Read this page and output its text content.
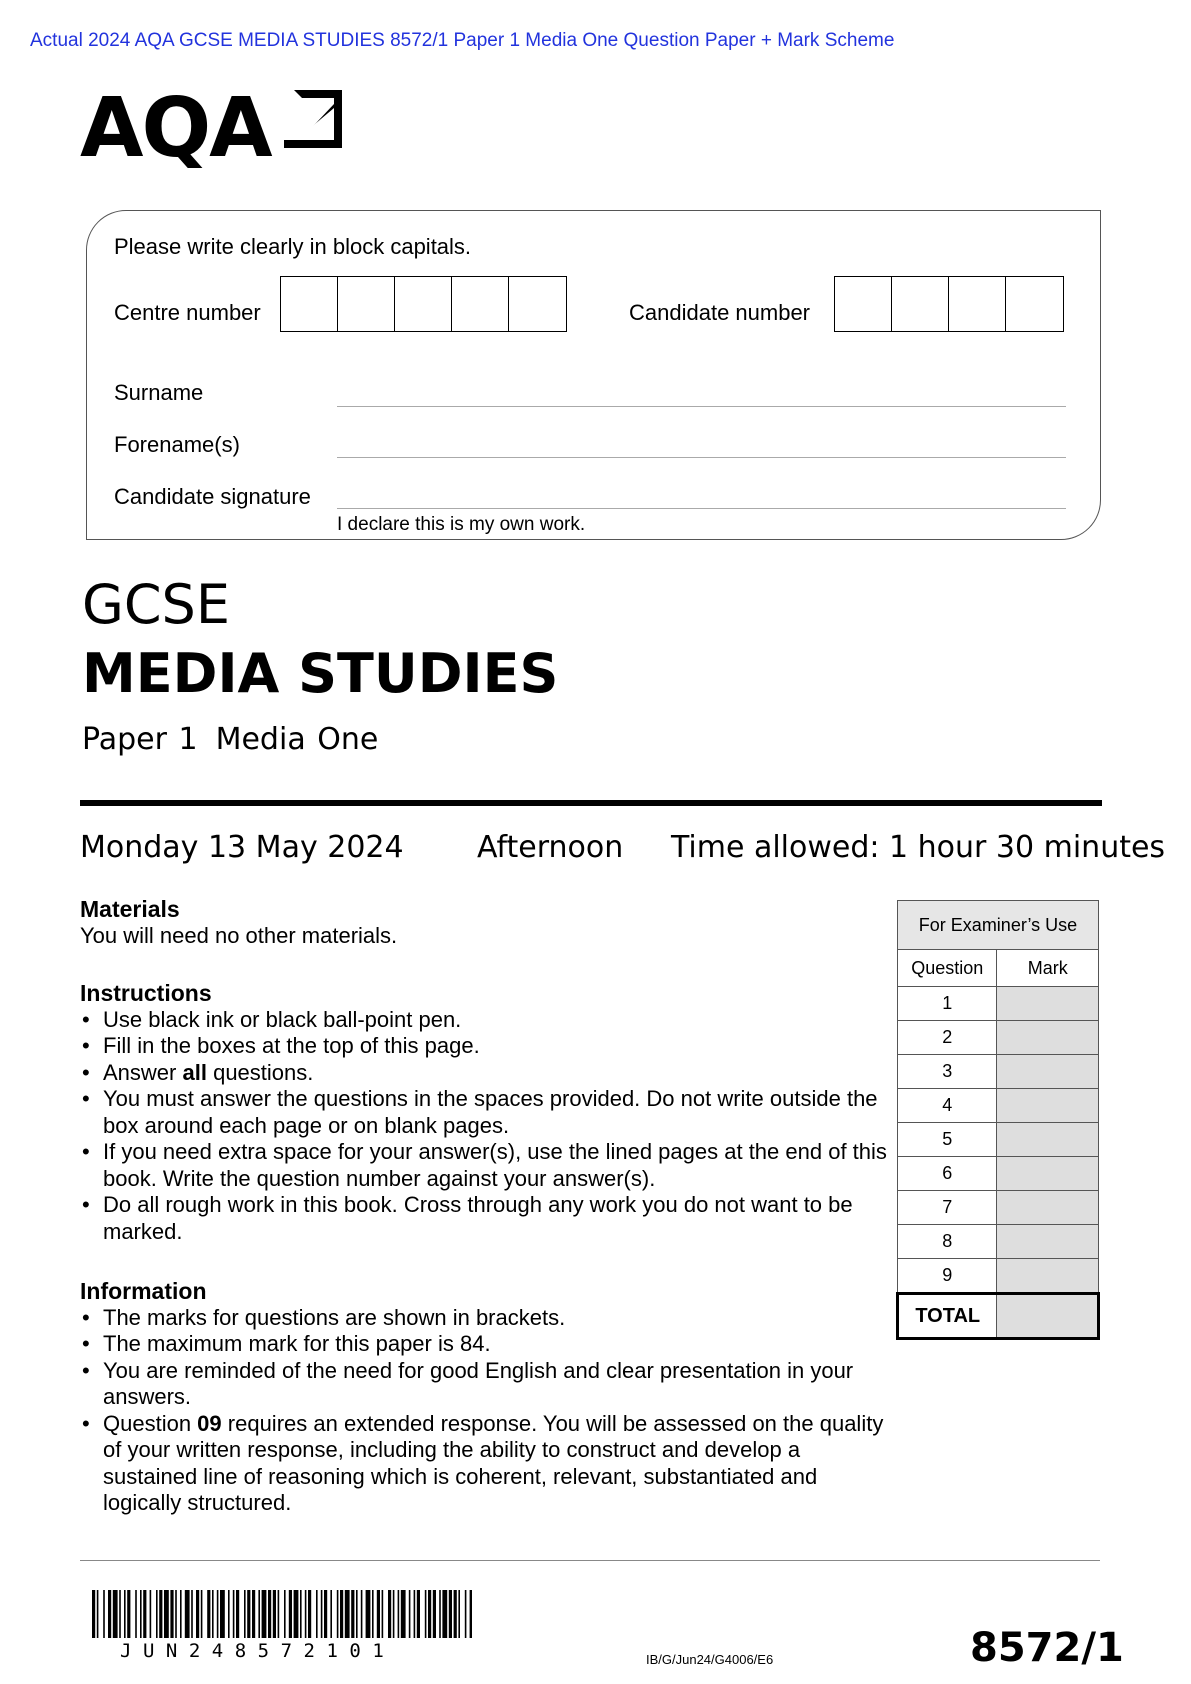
Actual 2024 AQA GCSE MEDIA STUDIES 8572/1 Paper 1 Media One Question Paper + Mark Scheme
AQA
Please write clearly in block capitals.
Centre number	Candidate number
Surname
Forename(s)
Candidate signature
I declare this is my own work.
GCSE
MEDIA STUDIES
Paper 1 Media One
Monday 13 May 2024 Afternoon Time allowed: 1 hour 30 minutes
Materials
You will need no other materials.
Instructions
• Use black ink or black ball-point pen.
• Fill in the boxes at the top of this page.
• Answer all questions.
• You must answer the questions in the spaces provided. Do not write outside the box around each page or on blank pages.
• If you need extra space for your answer(s), use the lined pages at the end of this book. Write the question number against your answer(s).
• Do all rough work in this book. Cross through any work you do not want to be marked.
Information
• The marks for questions are shown in brackets.
• The maximum mark for this paper is 84.
• You are reminded of the need for good English and clear presentation in your answers.
• Question 09 requires an extended response. You will be assessed on the quality of your written response, including the ability to construct and develop a sustained line of reasoning which is coherent, relevant, substantiated and logically structured.
For Examiner’s Use	
Question	Mark
1	
2	
3	
4	
5	
6	
7	
8	
9	
TOTAL	
JUN248572101	IB/G/Jun24/G4006/E6	8572/1
